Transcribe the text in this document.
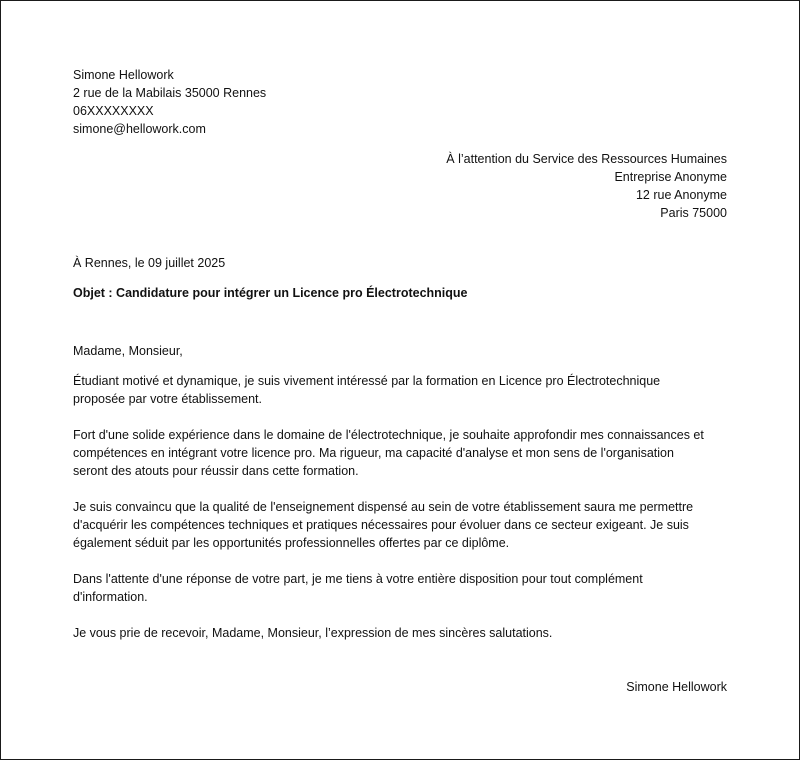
Simone Hellowork
2 rue de la Mabilais 35000 Rennes
06XXXXXXXX
simone@hellowork.com
À l’attention du Service des Ressources Humaines
Entreprise Anonyme
12 rue Anonyme
Paris 75000
À Rennes, le 09 juillet 2025
Objet : Candidature pour intégrer un Licence pro Électrotechnique
Madame, Monsieur,
Étudiant motivé et dynamique, je suis vivement intéressé par la formation en Licence pro Électrotechnique
proposée par votre établissement.
Fort d'une solide expérience dans le domaine de l'électrotechnique, je souhaite approfondir mes connaissances et
compétences en intégrant votre licence pro. Ma rigueur, ma capacité d'analyse et mon sens de l'organisation
seront des atouts pour réussir dans cette formation.
Je suis convaincu que la qualité de l'enseignement dispensé au sein de votre établissement saura me permettre
d'acquérir les compétences techniques et pratiques nécessaires pour évoluer dans ce secteur exigeant. Je suis
également séduit par les opportunités professionnelles offertes par ce diplôme.
Dans l'attente d'une réponse de votre part, je me tiens à votre entière disposition pour tout complément
d'information.
Je vous prie de recevoir, Madame, Monsieur, l’expression de mes sincères salutations.
Simone Hellowork
